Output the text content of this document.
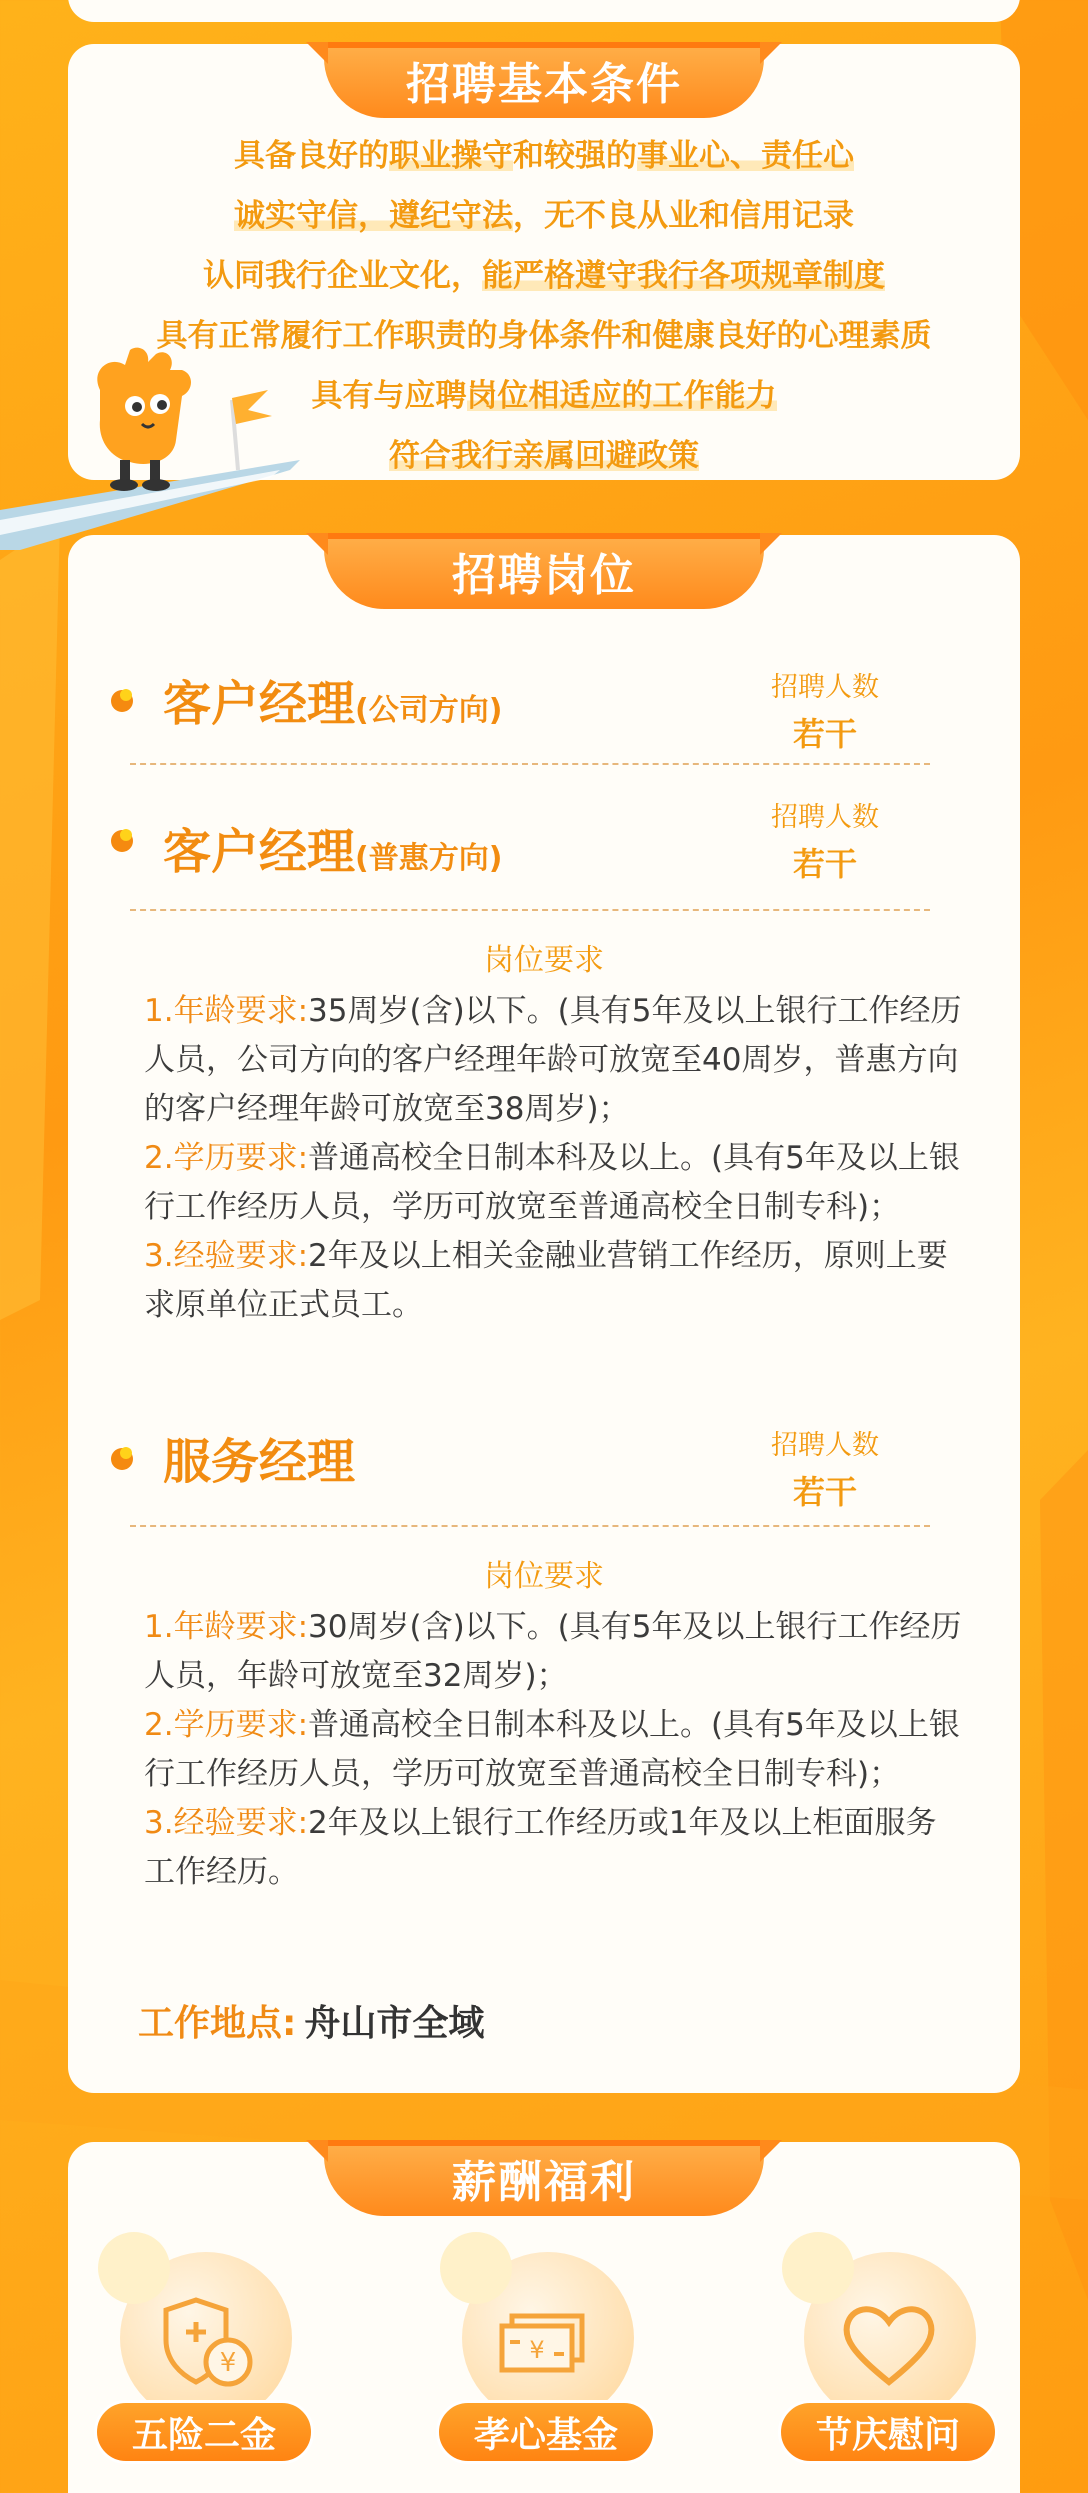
招聘基本条件
具备良好的职业操守和较强的事业心、责任心
诚实守信，遵纪守法，无不良从业和信用记录
认同我行企业文化，能严格遵守我行各项规章制度
具有正常履行工作职责的身体条件和健康良好的心理素质
具有与应聘岗位相适应的工作能力
符合我行亲属回避政策
招聘岗位
客户经理(公司方向)
招聘人数
若干
客户经理(普惠方向)
招聘人数
若干
岗位要求
1.年龄要求:35周岁(含)以下。(具有5年及以上银行工作经历人员，公司方向的客户经理年龄可放宽至40周岁，普惠方向的客户经理年龄可放宽至38周岁)；
2.学历要求:普通高校全日制本科及以上。(具有5年及以上银行工作经历人员，学历可放宽至普通高校全日制专科)；
3.经验要求:2年及以上相关金融业营销工作经历，原则上要求原单位正式员工。
服务经理	招聘人数
若干
岗位要求
1.年龄要求:30周岁(含)以下。(具有5年及以上银行工作经历人员，年龄可放宽至32周岁)；
2.学历要求:普通高校全日制本科及以上。(具有5年及以上银行工作经历人员，学历可放宽至普通高校全日制专科)；
3.经验要求:2年及以上银行工作经历或1年及以上柜面服务工作经历。
工作地点: 舟山市全域
薪酬福利
¥
五险二金
¥
孝心基金	节庆慰问
